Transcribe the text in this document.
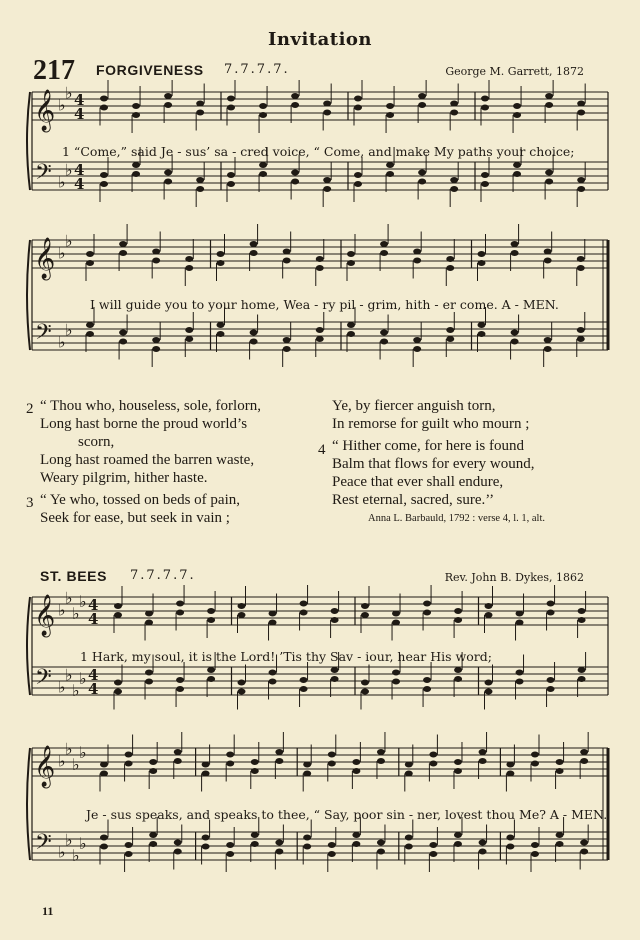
Invitation
217 FORGIVENESS 7.7.7.7.	George M. Garrett, 1872
𝄞
𝄢
♭
♭
♭
♭
4
4
4
4
1 “Come,” said Je - sus’ sa - cred voice, “ Come, and make My paths your choice;
𝄞
𝄢
♭
♭
♭
♭
I will guide you to your home, Wea - ry pil - grim, hith - er come. A - MEN.
2 “ Thou who, houseless, sole, forlorn,
Long hast borne the proud world’s
scorn,
Long hast roamed the barren waste,
Weary pilgrim, hither haste.
3 “ Ye who, tossed on beds of pain,
Seek for ease, but seek in vain ;
Ye, by fiercer anguish torn,
In remorse for guilt who mourn ;
4 “ Hither come, for here is found
Balm that flows for every wound,
Peace that ever shall endure,
Rest eternal, sacred, sure.’’
Anna L. Barbauld, 1792 : verse 4, l. 1, alt.
ST. BEES 7.7.7.7.	Rev. John B. Dykes, 1862
𝄞
𝄢
♭
♭
♭
♭
♭
♭
♭
♭
4
4
4
4
1 Hark, my soul, it is the Lord! ’Tis thy Sav - iour, hear His word;
𝄞
𝄢
♭
♭
♭
♭
♭
♭
♭
♭
Je - sus speaks, and speaks to thee, “ Say, poor sin - ner, lovest thou Me? A - MEN.
11
